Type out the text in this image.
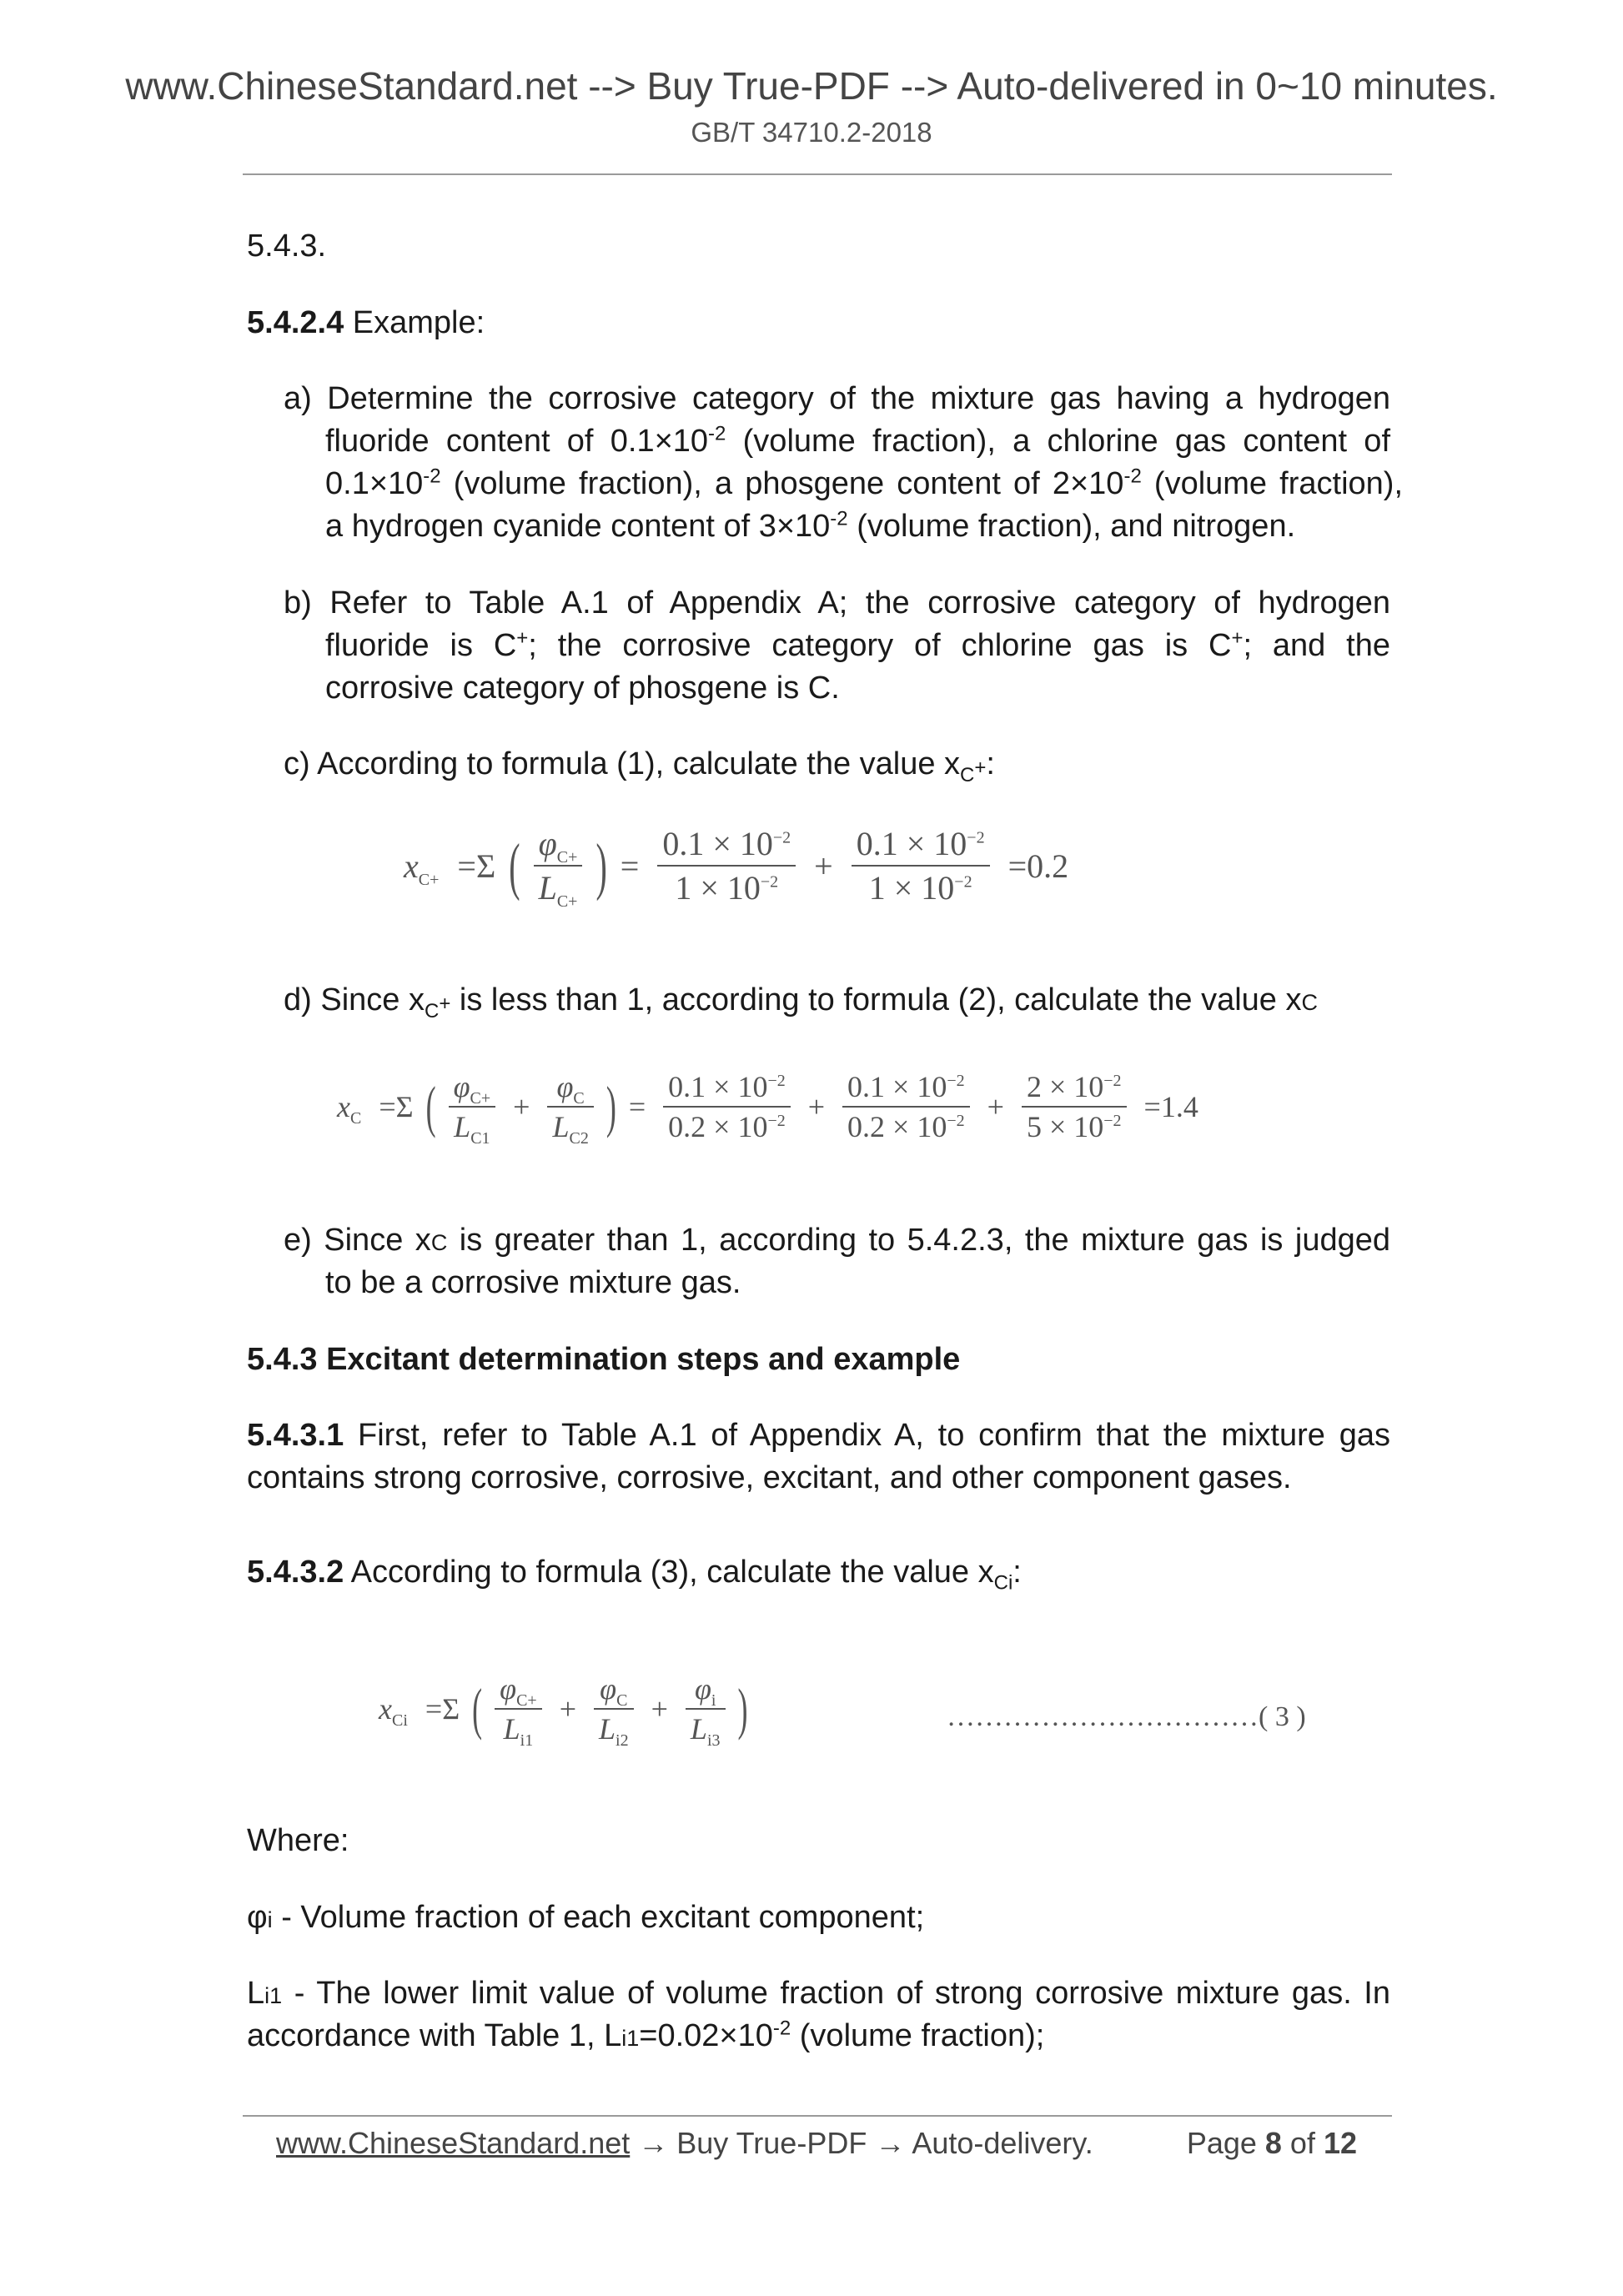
www.ChineseStandard.net --> Buy True-PDF --> Auto-delivered in 0~10 minutes.
GB/T 34710.2-2018
5.4.3.
5.4.2.4 Example:
a) Determine the corrosive category of the mixture gas having a hydrogen
fluoride content of $0.1\times 10^{-2}$ (volume fraction), a chlorine gas content of
$0.1\times 10^{-2}$ (volume fraction), a phosgene content of $2\times 10^{-2}$ (volume fraction),
a hydrogen cyanide content of $3\times 10^{-2}$ (volume fraction), and nitrogen.
b) Refer to Table A.1 of Appendix A; the corrosive category of hydrogen
fluoride is C+; the corrosive category of chlorine gas is C+; and the
corrosive category of phosgene is C.
c) According to formula (1), calculate the value $x_{C^+}$:
$x_{C+} =\Sigma$ ( $\frac{\varphi_{C+}}{L_{C+}}$ ) = $\frac{0.1 \times 10^{-2}}{1 \times 10^{-2}} + \frac{0.1 \times 10^{-2}}{1 \times 10^{-2}} =0.2$
d) Since $x_{C^+}$ is less than 1, according to formula (2), calculate the value xC
$x_C =\Sigma$ ( $\frac{\varphi_{C+}}{L_{C1}} + \frac{\varphi_C}{L_{C2}}$ ) = $\frac{0.1 \times 10^{-2}}{0.2 \times 10^{-2}} + \frac{0.1 \times 10^{-2}}{0.2 \times 10^{-2}} + \frac{2 \times 10^{-2}}{5 \times 10^{-2}} =1.4$
e) Since xC is greater than 1, according to 5.4.2.3, the mixture gas is judged
to be a corrosive mixture gas.
5.4.3 Excitant determination steps and example
5.4.3.1 First, refer to Table A.1 of Appendix A, to confirm that the mixture gas
contains strong corrosive, corrosive, excitant, and other component gases.
5.4.3.2 According to formula (3), calculate the value $x_{Ci}$:
$x_{Ci} =\Sigma$ ( $\frac{\varphi_{C+}}{L_{i1}} + \frac{\varphi_C}{L_{i2}} + \frac{\varphi_i}{L_{i3}}$ )	……………………………( 3 )
Where:
φi - Volume fraction of each excitant component;
Li1 - The lower limit value of volume fraction of strong corrosive mixture gas. In
accordance with Table 1, $Li1=0.02\times 10^{-2}$ (volume fraction);
www.ChineseStandard.net → Buy True-PDF → Auto-delivery.	Page 8 of 12
